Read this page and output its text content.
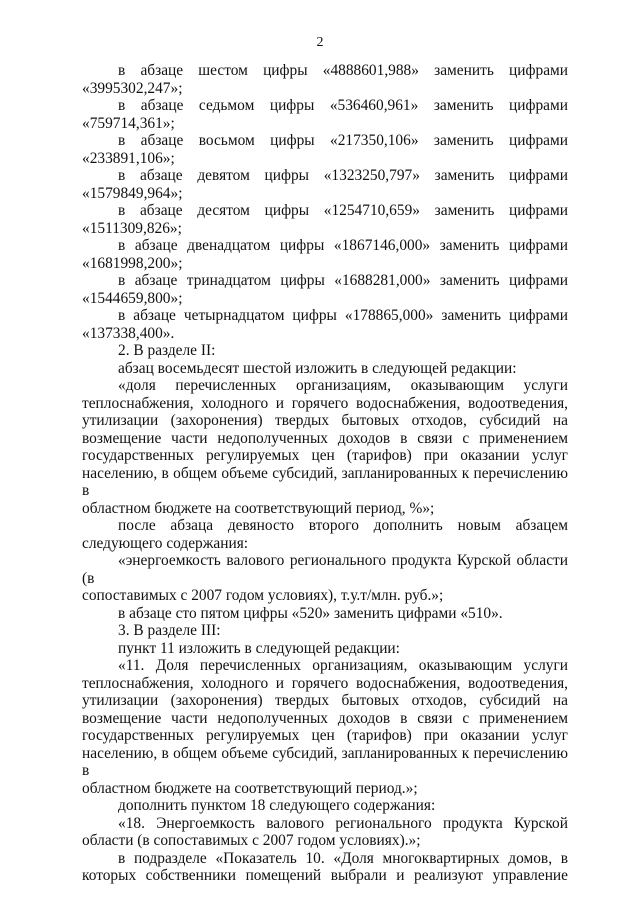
2

в абзаце шестом цифры «4888601,988» заменить цифрами

«3995302,247»;

в абзаце седьмом цифры «536460,961» заменить цифрами

«759714,361»;

в абзаце восьмом цифры «217350,106» заменить цифрами

«233891,106»;

в абзаце девятом цифры «1323250,797» заменить цифрами

«1579849,964»;

в абзаце десятом цифры «1254710,659» заменить цифрами

«1511309,826»;

в абзаце двенадцатом цифры «1867146,000» заменить цифрами

«1681998,200»;

в абзаце тринадцатом цифры «1688281,000» заменить цифрами

«1544659,800»;

в абзаце четырнадцатом цифры «178865,000» заменить цифрами

«137338,400».

2. В разделе II:

абзац восемьдесят шестой изложить в следующей редакции:

«доля перечисленных организациям, оказывающим услуги

теплоснабжения, холодного и горячего водоснабжения, водоотведения,

утилизации (захоронения) твердых бытовых отходов, субсидий на

возмещение части недополученных доходов в связи с применением

государственных регулируемых цен (тарифов) при оказании услуг

населению, в общем объеме субсидий, запланированных к перечислению в

областном бюджете на соответствующий период, %»;

после абзаца девяносто второго дополнить новым абзацем

следующего содержания:

«энергоемкость валового регионального продукта Курской области (в

сопоставимых с 2007 годом условиях), т.у.т/млн. руб.»;

в абзаце сто пятом цифры «520» заменить цифрами «510».

3. В разделе III:

пункт 11 изложить в следующей редакции:

«11. Доля перечисленных организациям, оказывающим услуги

теплоснабжения, холодного и горячего водоснабжения, водоотведения,

утилизации (захоронения) твердых бытовых отходов, субсидий на

возмещение части недополученных доходов в связи с применением

государственных регулируемых цен (тарифов) при оказании услуг

населению, в общем объеме субсидий, запланированных к перечислению в

областном бюджете на соответствующий период.»;

дополнить пунктом 18 следующего содержания:

«18. Энергоемкость валового регионального продукта Курской

области (в сопоставимых с 2007 годом условиях).»;

в подразделе «Показатель 10. «Доля многоквартирных домов, в

которых собственники помещений выбрали и реализуют управление
